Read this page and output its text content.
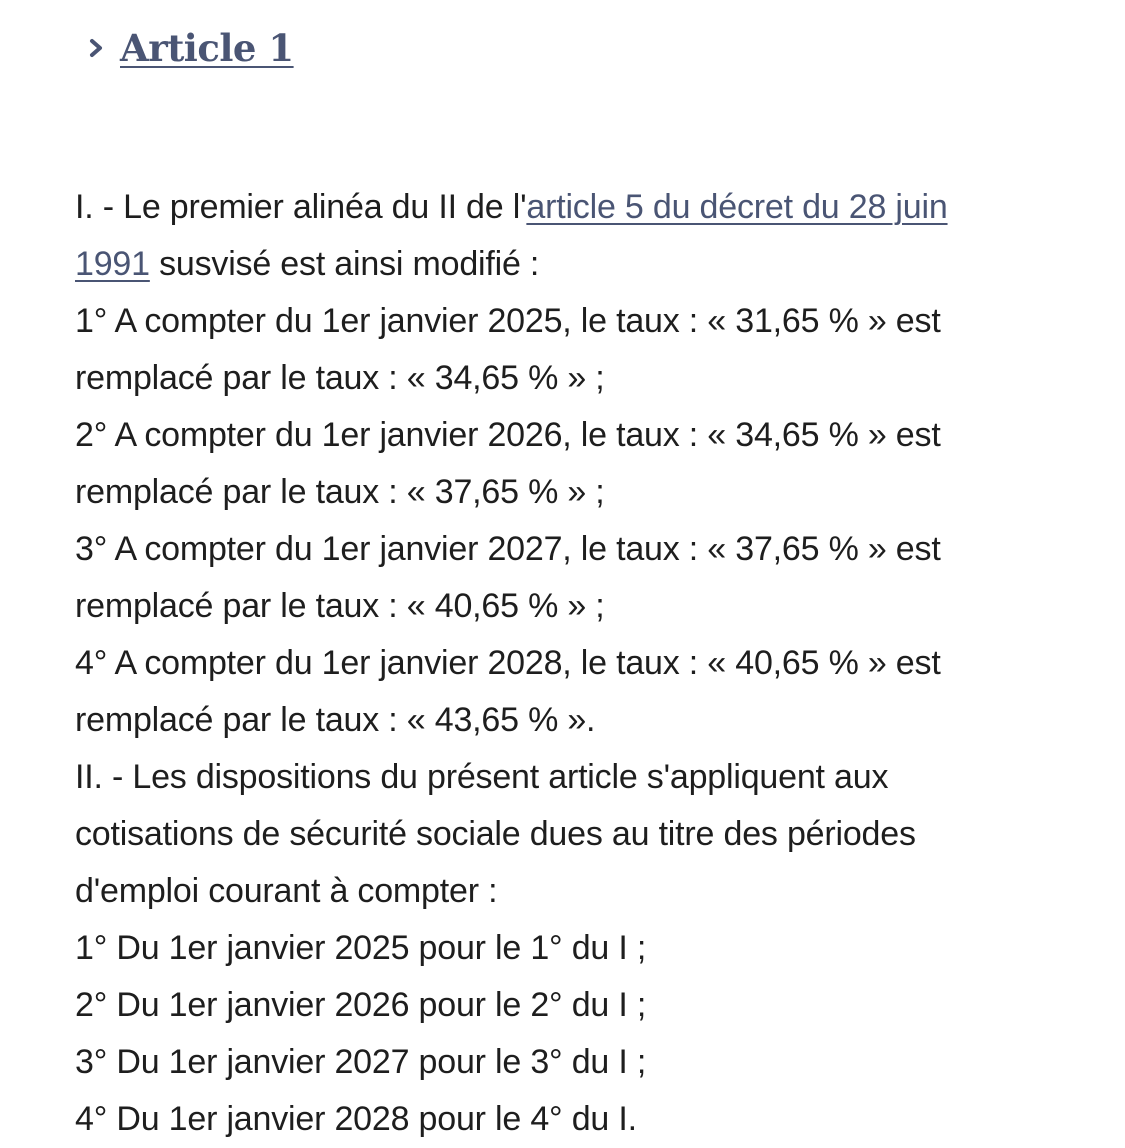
Article 1
I. - Le premier alinéa du II de l'article 5 du décret du 28 juin
1991 susvisé est ainsi modifié :
1° A compter du 1er janvier 2025, le taux : « 31,65 % » est
remplacé par le taux : « 34,65 % » ;
2° A compter du 1er janvier 2026, le taux : « 34,65 % » est
remplacé par le taux : « 37,65 % » ;
3° A compter du 1er janvier 2027, le taux : « 37,65 % » est
remplacé par le taux : « 40,65 % » ;
4° A compter du 1er janvier 2028, le taux : « 40,65 % » est
remplacé par le taux : « 43,65 % ».
II. - Les dispositions du présent article s'appliquent aux
cotisations de sécurité sociale dues au titre des périodes
d'emploi courant à compter :
1° Du 1er janvier 2025 pour le 1° du I ;
2° Du 1er janvier 2026 pour le 2° du I ;
3° Du 1er janvier 2027 pour le 3° du I ;
4° Du 1er janvier 2028 pour le 4° du I.
